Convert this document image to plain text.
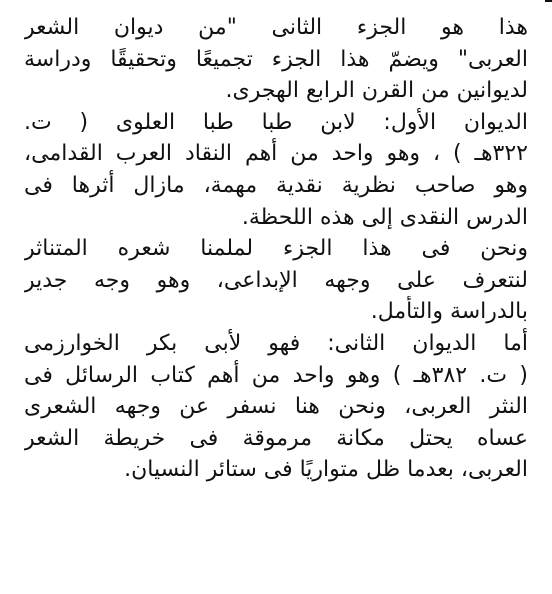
هذا هو الجزء الثانى "من ديوان الشعر
العربى" ويضمّ هذا الجزء تجميعًا وتحقيقًا ودراسة
لديوانين من القرن الرابع الهجرى.
الديوان الأول: لابن طبا طبا العلوى ( ت.
٣٢٢هـ ) ، وهو واحد من أهم النقاد العرب القدامى،
وهو صاحب نظرية نقدية مهمة، مازال أثرها فى
الدرس النقدى إلى هذه اللحظة.
ونحن فى هذا الجزء لملمنا شعره المتناثر
لنتعرف على وجهه الإبداعى، وهو وجه جدير
بالدراسة والتأمل.
أما الديوان الثانى: فهو لأبى بكر الخوارزمى
( ت. ٣٨٢هـ ) وهو واحد من أهم كتاب الرسائل فى
النثر العربى، ونحن هنا نسفر عن وجهه الشعرى
عساه يحتل مكانة مرموقة فى خريطة الشعر
العربى، بعدما ظل متواريًا فى ستائر النسيان.
